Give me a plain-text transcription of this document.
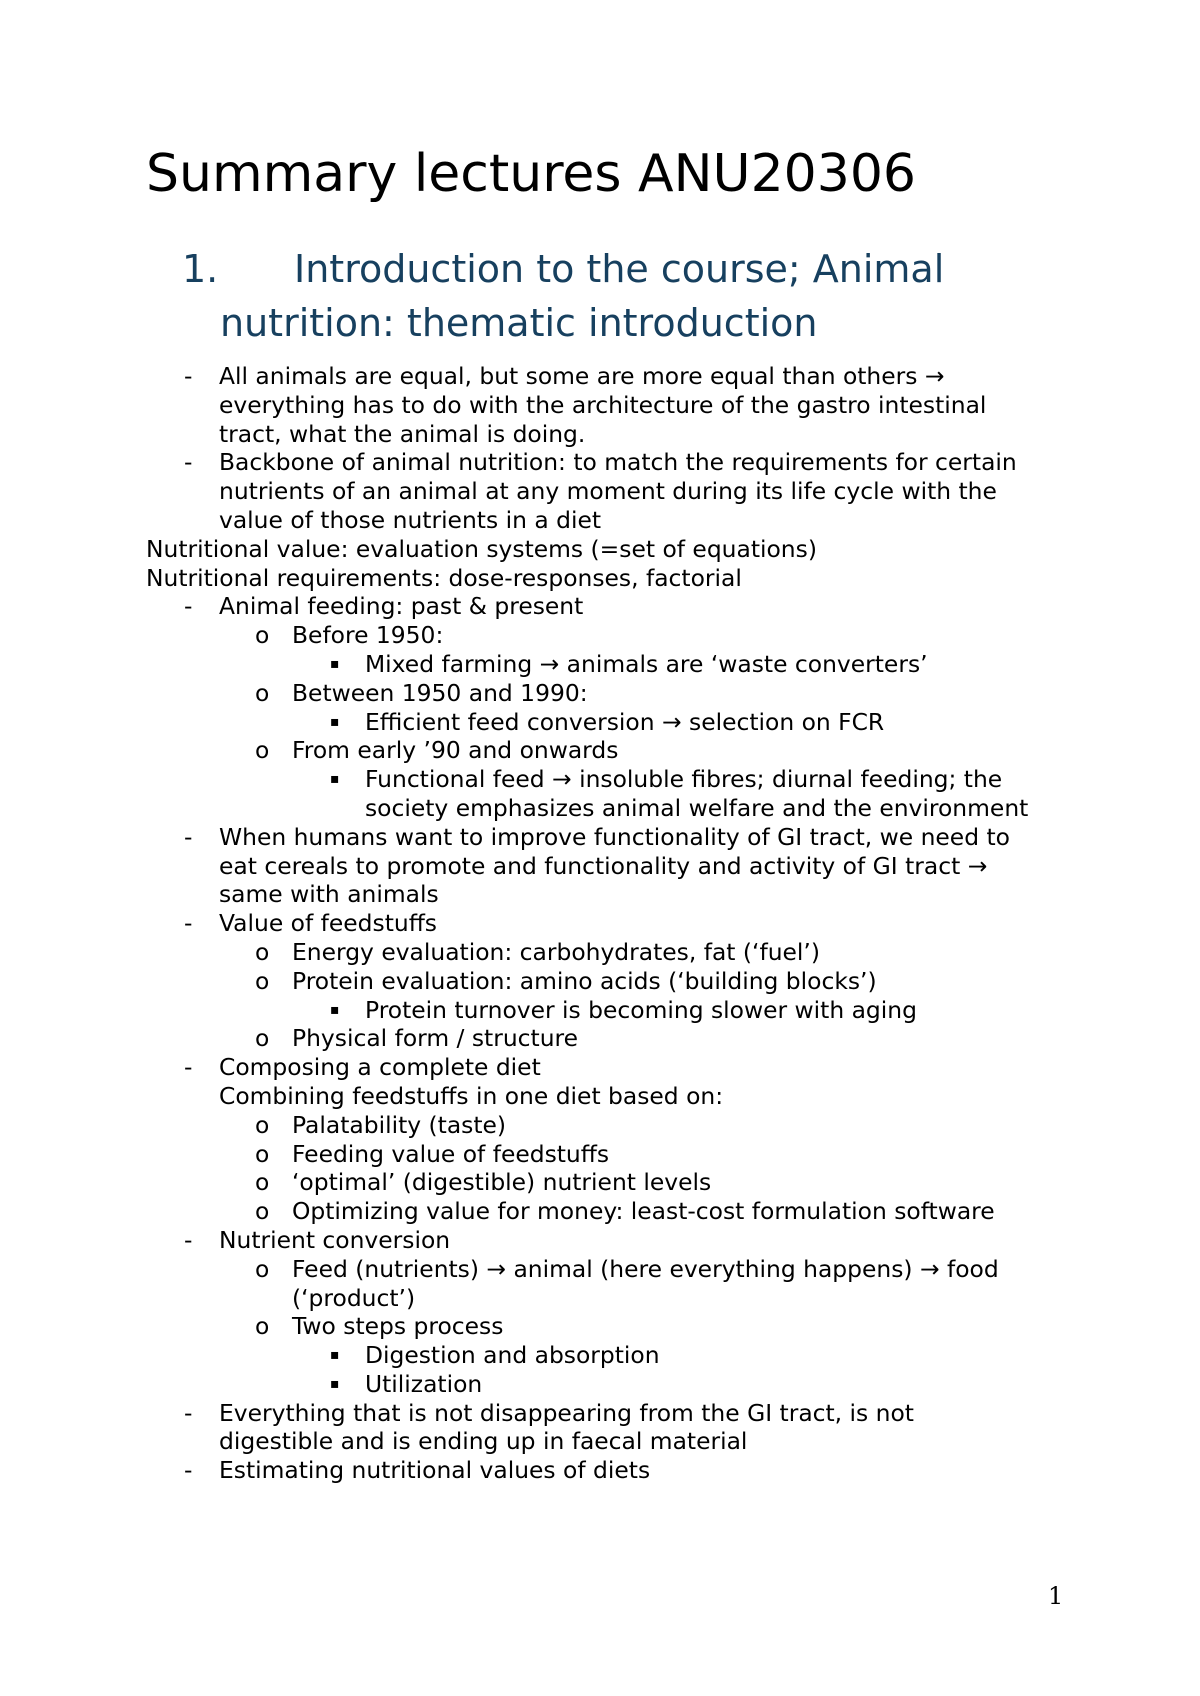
Summary lectures ANU20306
1. Introduction to the course; Animal
nutrition: thematic introduction
- All animals are equal, but some are more equal than others →
everything has to do with the architecture of the gastro intestinal
tract, what the animal is doing.
- Backbone of animal nutrition: to match the requirements for certain
nutrients of an animal at any moment during its life cycle with the
value of those nutrients in a diet
Nutritional value: evaluation systems (=set of equations)
Nutritional requirements: dose-responses, factorial
- Animal feeding: past & present
o Before 1950:
▪ Mixed farming → animals are ‘waste converters’
o Between 1950 and 1990:
▪ Efficient feed conversion → selection on FCR
o From early ’90 and onwards
▪ Functional feed → insoluble fibres; diurnal feeding; the
society emphasizes animal welfare and the environment
- When humans want to improve functionality of GI tract, we need to
eat cereals to promote and functionality and activity of GI tract →
same with animals
- Value of feedstuffs
o Energy evaluation: carbohydrates, fat (‘fuel’)
o Protein evaluation: amino acids (‘building blocks’)
▪ Protein turnover is becoming slower with aging
o Physical form / structure
- Composing a complete diet
Combining feedstuffs in one diet based on:
o Palatability (taste)
o Feeding value of feedstuffs
o ‘optimal’ (digestible) nutrient levels
o Optimizing value for money: least-cost formulation software
- Nutrient conversion
o Feed (nutrients) → animal (here everything happens) → food
(‘product’)
o Two steps process
▪ Digestion and absorption
▪ Utilization
- Everything that is not disappearing from the GI tract, is not
digestible and is ending up in faecal material
- Estimating nutritional values of diets
1
